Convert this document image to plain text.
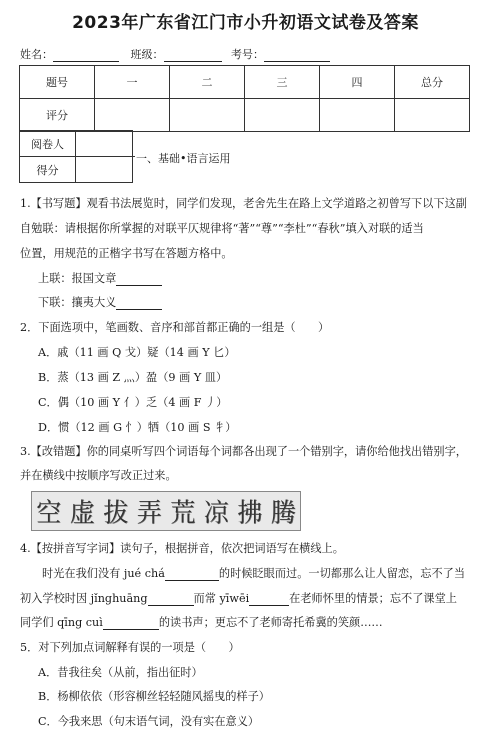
2023年广东省江门市小升初语文试卷及答案
姓名：	班级：	考号：
题号	一	二	三	四	总分
评分					
阅卷人	
得分	
一、基础•语言运用
1.【书写题】观看书法展览时，同学们发现，老舍先生在路上文学道路之初曾写下以下这副
自勉联：请根据你所掌握的对联平仄规律将“著”“尊”“李杜”“春秋”填入对联的适当
位置，用规范的正楷字书写在答题方格中。
上联：报国文章
下联：攘夷大义
2．下面选项中，笔画数、音序和部首都正确的一组是（　　）
A．戚（11 画 Q 戈）疑（14 画 Y 匕）
B．蒸（13 画 Z 灬）盈（9 画 Y 皿）
C．偶（10 画 Y 亻）乏（4 画 F 丿）
D．惯（12 画 G 忄）牺（10 画 S 牜）
3.【改错题】你的同桌听写四个词语每个词都各出现了一个错别字，请你给他找出错别字，
并在横线中按顺序写改正过来。
空 虚 拔 弄 荒 凉 拂 腾
4.【按拼音写字词】读句子，根据拼音，依次把词语写在横线上。
时光在我们没有 jué chá	的时候眨眼而过。一切都那么让人留恋，忘不了当
初入学校时因 jǐnghuāng	而常 yīwēi	在老师怀里的情景；忘不了课堂上
同学们 qīng cuì	的读书声；更忘不了老师寄托希冀的笑颜……
5．对下列加点词解释有误的一项是（　　）
A．昔我往矣（从前，指出征时）
B．杨柳依依（形容柳丝轻轻随风摇曳的样子）
C．今我来思（句末语气词，没有实在意义）
